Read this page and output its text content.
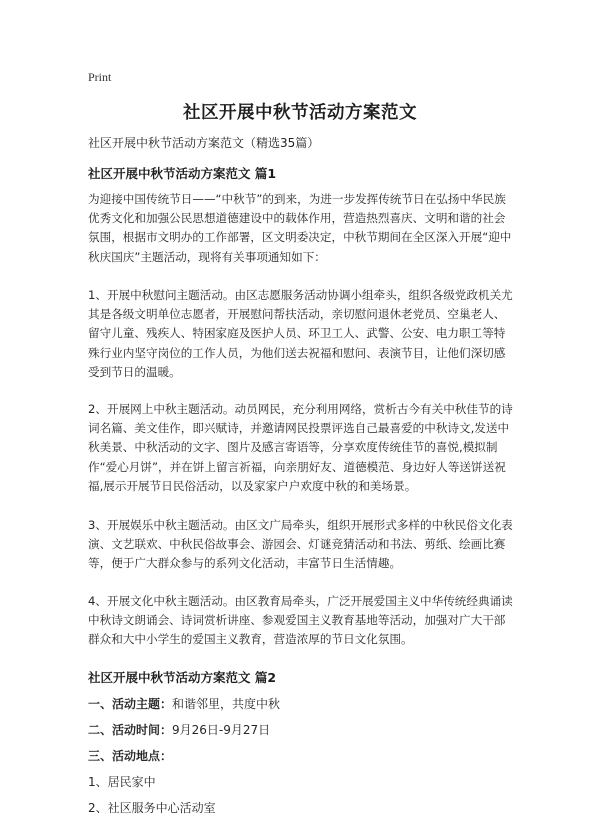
Print
社区开展中秋节活动方案范文
社区开展中秋节活动方案范文（精选35篇）
社区开展中秋节活动方案范文 篇1
为迎接中国传统节日——“中秋节”的到来，为进一步发挥传统节日在弘扬中华民族优秀文化和加强公民思想道德建设中的载体作用，营造热烈喜庆、文明和谐的社会氛围，根据市文明办的工作部署，区文明委决定，中秋节期间在全区深入开展“迎中秋庆国庆”主题活动，现将有关事项通知如下：
1、开展中秋慰问主题活动。由区志愿服务活动协调小组牵头，组织各级党政机关尤其是各级文明单位志愿者，开展慰问帮扶活动，亲切慰问退休老党员、空巢老人、留守儿童、残疾人、特困家庭及医护人员、环卫工人、武警、公安、电力职工等特殊行业内坚守岗位的工作人员，为他们送去祝福和慰问、表演节目，让他们深切感受到节日的温暖。
2、开展网上中秋主题活动。动员网民，充分利用网络，赏析古今有关中秋佳节的诗词名篇、美文佳作，即兴赋诗，并邀请网民投票评选自己最喜爱的中秋诗文,发送中秋美景、中秋活动的文字、图片及感言寄语等，分享欢度传统佳节的喜悦,模拟制作“爱心月饼”，并在饼上留言祈福，向亲朋好友、道德模范、身边好人等送饼送祝福,展示开展节日民俗活动，以及家家户户欢度中秋的和美场景。
3、开展娱乐中秋主题活动。由区文广局牵头，组织开展形式多样的中秋民俗文化表演、文艺联欢、中秋民俗故事会、游园会、灯谜竞猜活动和书法、剪纸、绘画比赛等，便于广大群众参与的系列文化活动，丰富节日生活情趣。
4、开展文化中秋主题活动。由区教育局牵头，广泛开展爱国主义中华传统经典诵读中秋诗文朗诵会、诗词赏析讲座、参观爱国主义教育基地等活动，加强对广大干部群众和大中小学生的爱国主义教育，营造浓厚的节日文化氛围。
社区开展中秋节活动方案范文 篇2
一、活动主题：和谐邻里，共度中秋
二、活动时间：9月26日-9月27日
三、活动地点：
1、居民家中
2、社区服务中心活动室
